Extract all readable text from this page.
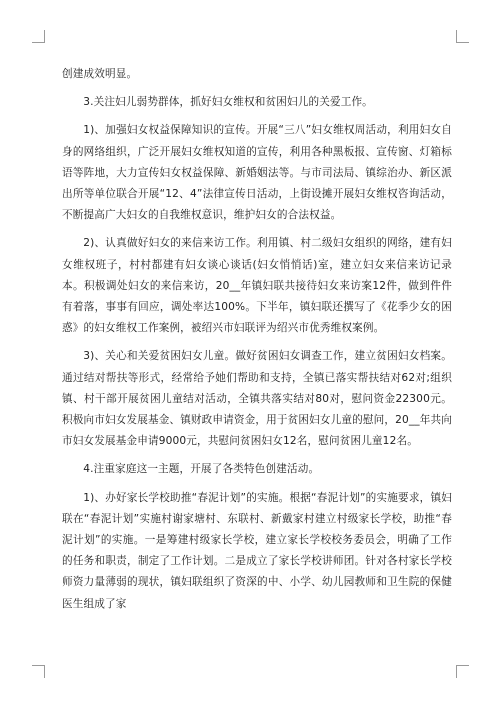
创建成效明显。

3.关注妇儿弱势群体，抓好妇女维权和贫困妇儿的关爱工作。

1)、加强妇女权益保障知识的宣传。开展“三八”妇女维权周活动，利用妇女自身的网络组织，广泛开展妇女维权知道的宣传，利用各种黑板报、宣传窗、灯箱标语等阵地，大力宣传妇女权益保障、新婚姻法等。与市司法局、镇综治办、新区派出所等单位联合开展“12、4”法律宣传日活动，上街设摊开展妇女维权咨询活动，不断提高广大妇女的自我维权意识，维护妇女的合法权益。

2)、认真做好妇女的来信来访工作。利用镇、村二级妇女组织的网络，建有妇女维权班子，村村都建有妇女谈心谈话(妇女悄悄话)室，建立妇女来信来访记录本。积极调处妇女的来信来访，20__年镇妇联共接待妇女来访案12件，做到件件有着落，事事有回应，调处率达100%。下半年，镇妇联还撰写了《花季少女的困惑》的妇女维权工作案例，被绍兴市妇联评为绍兴市优秀维权案例。

3)、关心和关爱贫困妇女儿童。做好贫困妇女调查工作，建立贫困妇女档案。通过结对帮扶等形式，经常给予她们帮助和支持，全镇已落实帮扶结对62对;组织镇、村干部开展贫困儿童结对活动，全镇共落实结对80对，慰问资金22300元。积极向市妇女发展基金、镇财政申请资金，用于贫困妇女儿童的慰问，20__年共向市妇女发展基金申请9000元，共慰问贫困妇女12名，慰问贫困儿童12名。

4.注重家庭这一主题，开展了各类特色创建活动。

1)、办好家长学校助推“春泥计划”的实施。根据“春泥计划”的实施要求，镇妇联在“春泥计划”实施村谢家塘村、东联村、新戴家村建立村级家长学校，助推“春泥计划”的实施。一是筹建村级家长学校，建立家长学校校务委员会，明确了工作的任务和职责，制定了工作计划。二是成立了家长学校讲师团。针对各村家长学校师资力量薄弱的现状，镇妇联组织了资深的中、小学、幼儿园教师和卫生院的保健医生组成了家
